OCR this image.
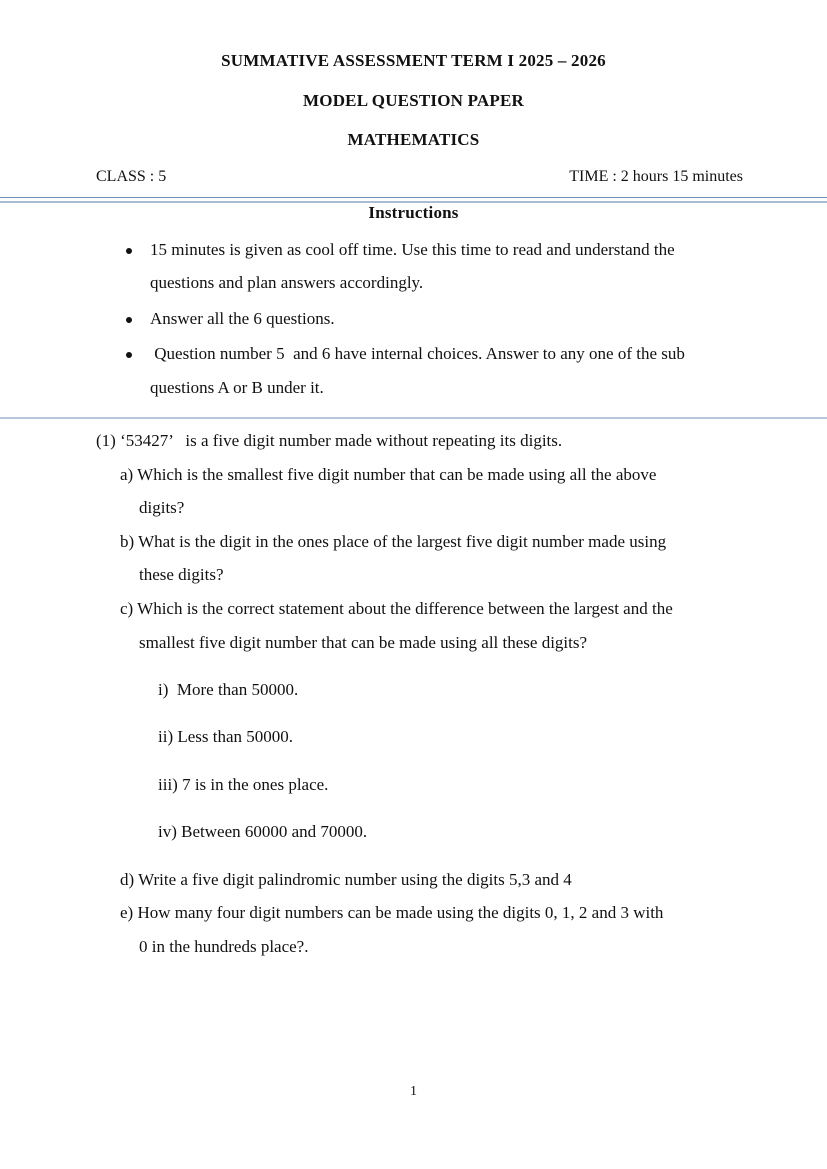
SUMMATIVE ASSESSMENT TERM I 2025 – 2026
MODEL QUESTION PAPER
MATHEMATICS
CLASS : 5	TIME : 2 hours 15 minutes
Instructions
15 minutes is given as cool off time. Use this time to read and understand the
questions and plan answers accordingly.
Answer all the 6 questions.
Question number 5  and 6 have internal choices. Answer to any one of the sub
questions A or B under it.
(1) ‘53427’   is a five digit number made without repeating its digits.
a) Which is the smallest five digit number that can be made using all the above
digits?
b) What is the digit in the ones place of the largest five digit number made using
these digits?
c) Which is the correct statement about the difference between the largest and the
smallest five digit number that can be made using all these digits?
i)  More than 50000.
ii) Less than 50000.
iii) 7 is in the ones place.
iv) Between 60000 and 70000.
d) Write a five digit palindromic number using the digits 5,3 and 4
e) How many four digit numbers can be made using the digits 0, 1, 2 and 3 with
0 in the hundreds place?.
1
